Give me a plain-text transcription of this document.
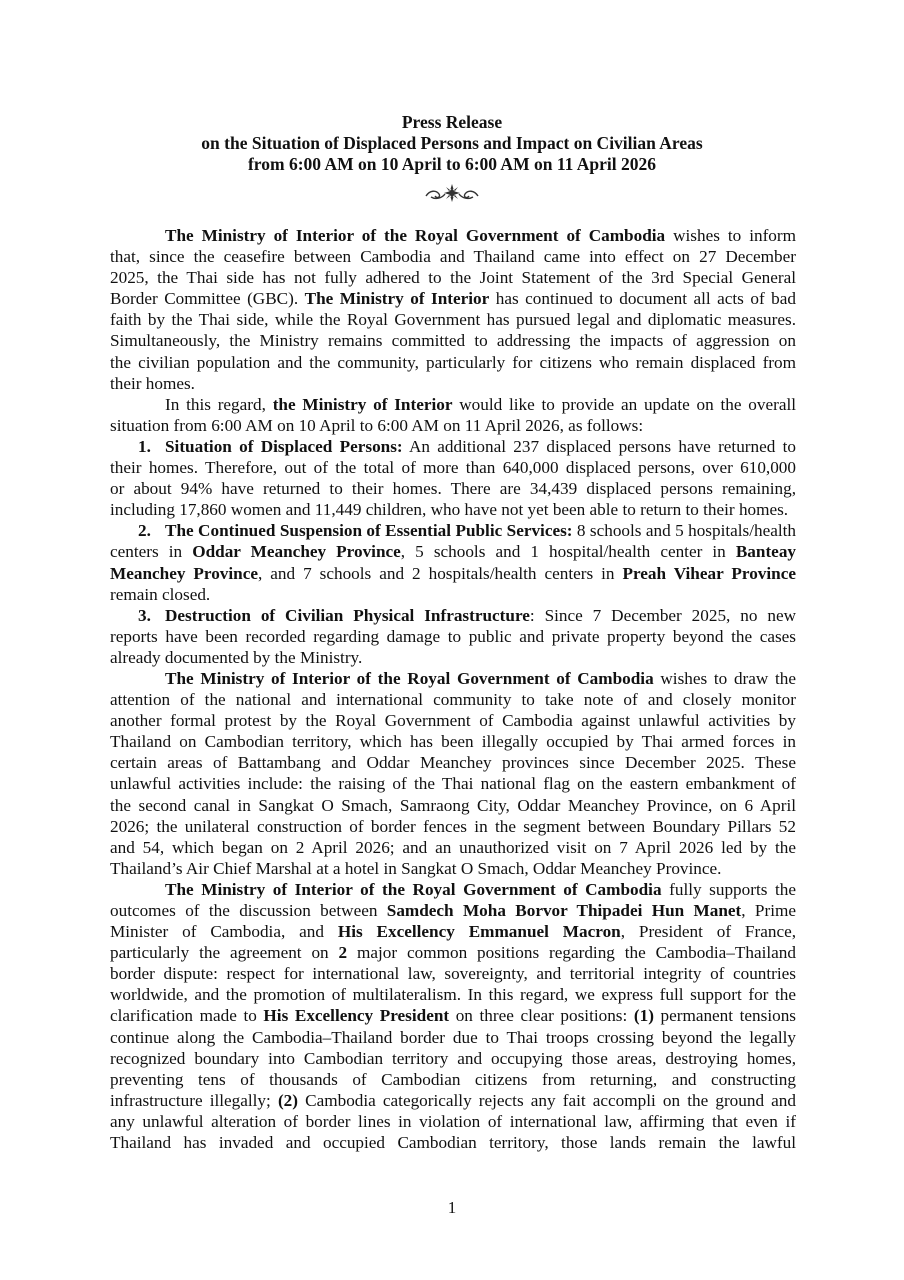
Press Release
on the Situation of Displaced Persons and Impact on Civilian Areas
from 6:00 AM on 10 April to 6:00 AM on 11 April 2026
The Ministry of Interior of the Royal Government of Cambodia wishes to inform
that, since the ceasefire between Cambodia and Thailand came into effect on 27 December
2025, the Thai side has not fully adhered to the Joint Statement of the 3rd Special General
Border Committee (GBC). The Ministry of Interior has continued to document all acts of bad
faith by the Thai side, while the Royal Government has pursued legal and diplomatic measures.
Simultaneously, the Ministry remains committed to addressing the impacts of aggression on
the civilian population and the community, particularly for citizens who remain displaced from
their homes.
In this regard, the Ministry of Interior would like to provide an update on the overall
situation from 6:00 AM on 10 April to 6:00 AM on 11 April 2026, as follows:
1. Situation of Displaced Persons: An additional 237 displaced persons have returned to
their homes. Therefore, out of the total of more than 640,000 displaced persons, over 610,000
or about 94% have returned to their homes. There are 34,439 displaced persons remaining,
including 17,860 women and 11,449 children, who have not yet been able to return to their homes.
2. The Continued Suspension of Essential Public Services: 8 schools and 5 hospitals/health
centers in Oddar Meanchey Province, 5 schools and 1 hospital/health center in Banteay
Meanchey Province, and 7 schools and 2 hospitals/health centers in Preah Vihear Province
remain closed.
3. Destruction of Civilian Physical Infrastructure: Since 7 December 2025, no new
reports have been recorded regarding damage to public and private property beyond the cases
already documented by the Ministry.
The Ministry of Interior of the Royal Government of Cambodia wishes to draw the
attention of the national and international community to take note of and closely monitor
another formal protest by the Royal Government of Cambodia against unlawful activities by
Thailand on Cambodian territory, which has been illegally occupied by Thai armed forces in
certain areas of Battambang and Oddar Meanchey provinces since December 2025. These
unlawful activities include: the raising of the Thai national flag on the eastern embankment of
the second canal in Sangkat O Smach, Samraong City, Oddar Meanchey Province, on 6 April
2026; the unilateral construction of border fences in the segment between Boundary Pillars 52
and 54, which began on 2 April 2026; and an unauthorized visit on 7 April 2026 led by the
Thailand’s Air Chief Marshal at a hotel in Sangkat O Smach, Oddar Meanchey Province.
The Ministry of Interior of the Royal Government of Cambodia fully supports the
outcomes of the discussion between Samdech Moha Borvor Thipadei Hun Manet, Prime
Minister of Cambodia, and His Excellency Emmanuel Macron, President of France,
particularly the agreement on 2 major common positions regarding the Cambodia–Thailand
border dispute: respect for international law, sovereignty, and territorial integrity of countries
worldwide, and the promotion of multilateralism. In this regard, we express full support for the
clarification made to His Excellency President on three clear positions: (1) permanent tensions
continue along the Cambodia–Thailand border due to Thai troops crossing beyond the legally
recognized boundary into Cambodian territory and occupying those areas, destroying homes,
preventing tens of thousands of Cambodian citizens from returning, and constructing
infrastructure illegally; (2) Cambodia categorically rejects any fait accompli on the ground and
any unlawful alteration of border lines in violation of international law, affirming that even if
Thailand has invaded and occupied Cambodian territory, those lands remain the lawful
1
